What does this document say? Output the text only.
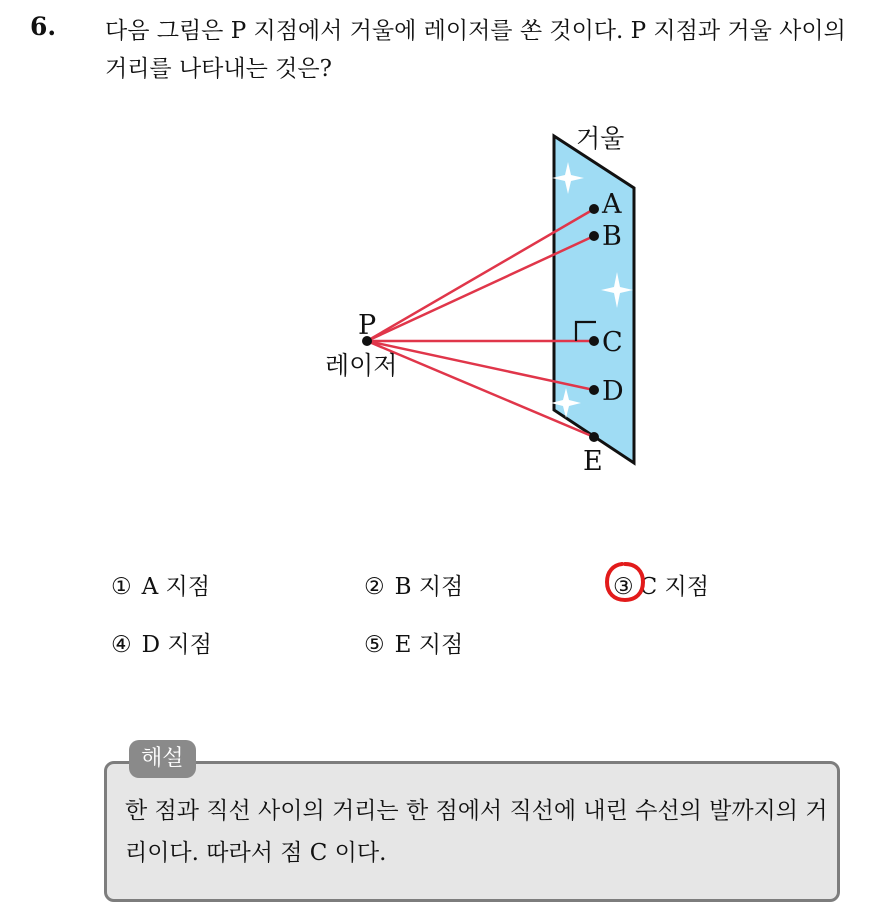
6. 다음 그림은 P 지점에서 거울에 레이저를 쏜 것이다. P 지점과 거울 사이의 거리를 나타내는 것은?
거울
레이저
P
A
B
C
D
E
① A 지점	② B 지점	③ C 지점
④ D 지점	⑤ E 지점
해설
한 점과 직선 사이의 거리는 한 점에서 직선에 내린 수선의 발까지의 거리이다. 따라서 점 C 이다.
